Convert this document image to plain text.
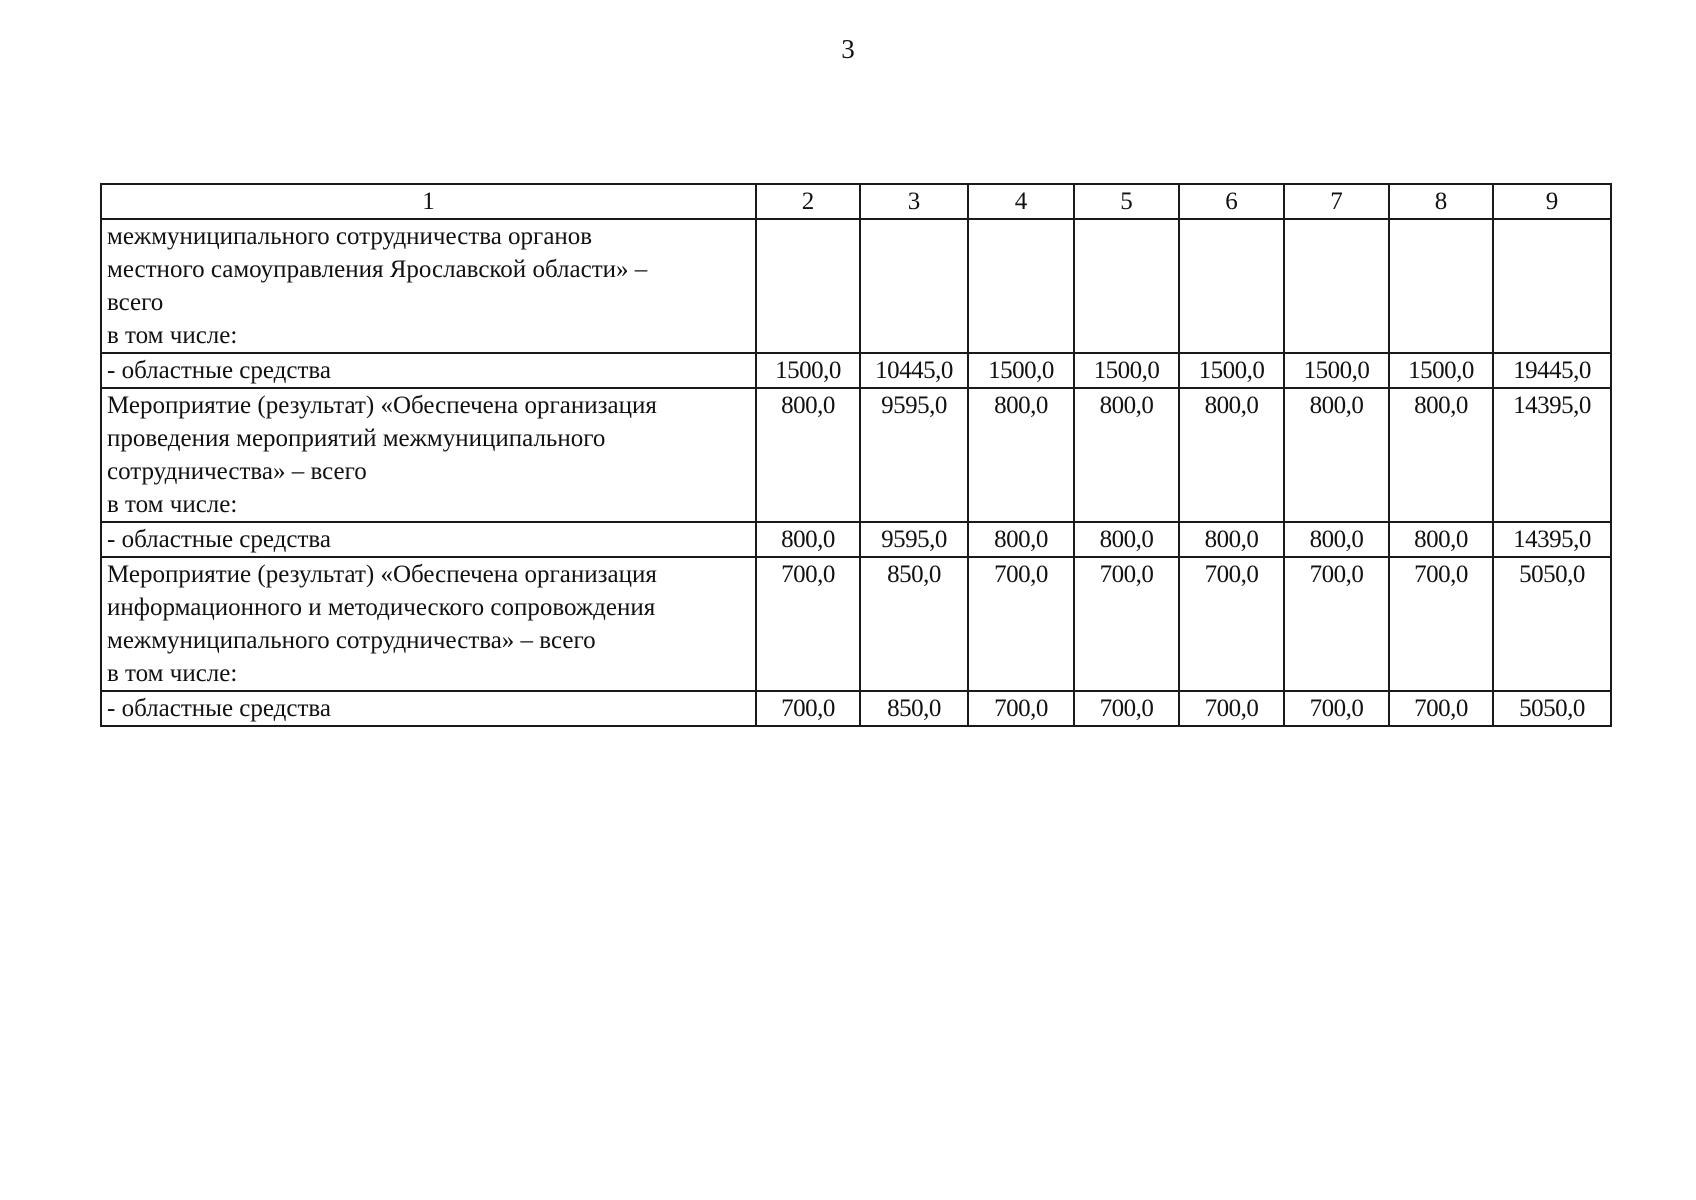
3
1	2	3	4	5	6	7	8	9

межмуниципального сотрудничества органов
местного самоуправления Ярославской области» –
всего
в том числе:								

- областные средства	1500,0	10445,0	1500,0	1500,0	1500,0	1500,0	1500,0	19445,0

Мероприятие (результат) «Обеспечена организация
проведения мероприятий межмуниципального
сотрудничества» – всего
в том числе:	800,0	9595,0	800,0	800,0	800,0	800,0	800,0	14395,0

- областные средства	800,0	9595,0	800,0	800,0	800,0	800,0	800,0	14395,0

Мероприятие (результат) «Обеспечена организация
информационного и методического сопровождения
межмуниципального сотрудничества» – всего
в том числе:	700,0	850,0	700,0	700,0	700,0	700,0	700,0	5050,0

- областные средства	700,0	850,0	700,0	700,0	700,0	700,0	700,0	5050,0
